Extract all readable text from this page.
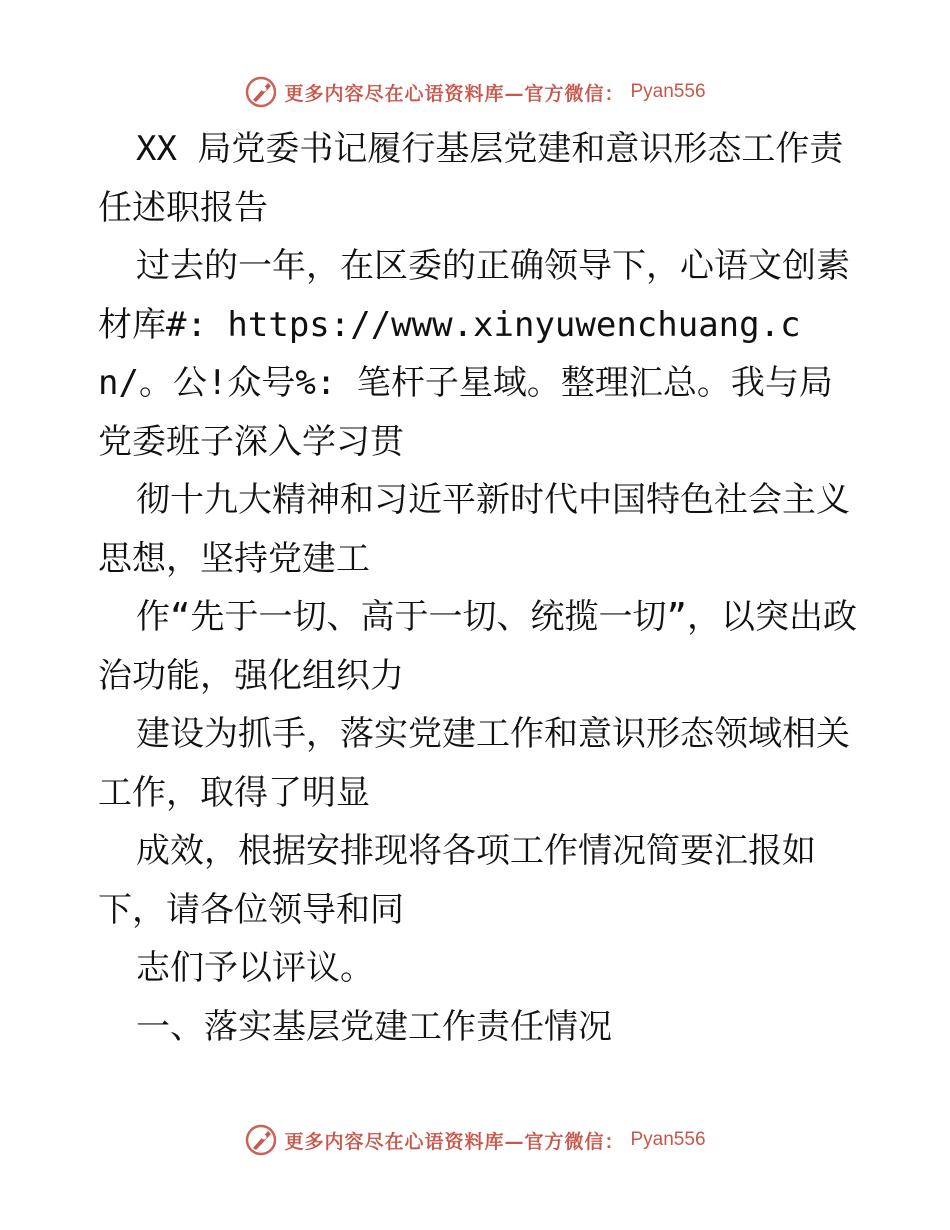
更多内容尽在心语资料库—官方微信： Pyan556

XX 局党委书记履行基层党建和意识形态工作责任述职报告

过去的一年，在区委的正确领导下，心语文创素材库#: https://www.xinyuwenchuang.cn/。公!众号%: 笔杆子星域。整理汇总。我与局党委班子深入学习贯

彻十九大精神和习近平新时代中国特色社会主义思想，坚持党建工

作“先于一切、高于一切、统揽一切”，以突出政治功能，强化组织力

建设为抓手，落实党建工作和意识形态领域相关工作，取得了明显

成效，根据安排现将各项工作情况简要汇报如下，请各位领导和同

志们予以评议。

一、落实基层党建工作责任情况

更多内容尽在心语资料库—官方微信： Pyan556
